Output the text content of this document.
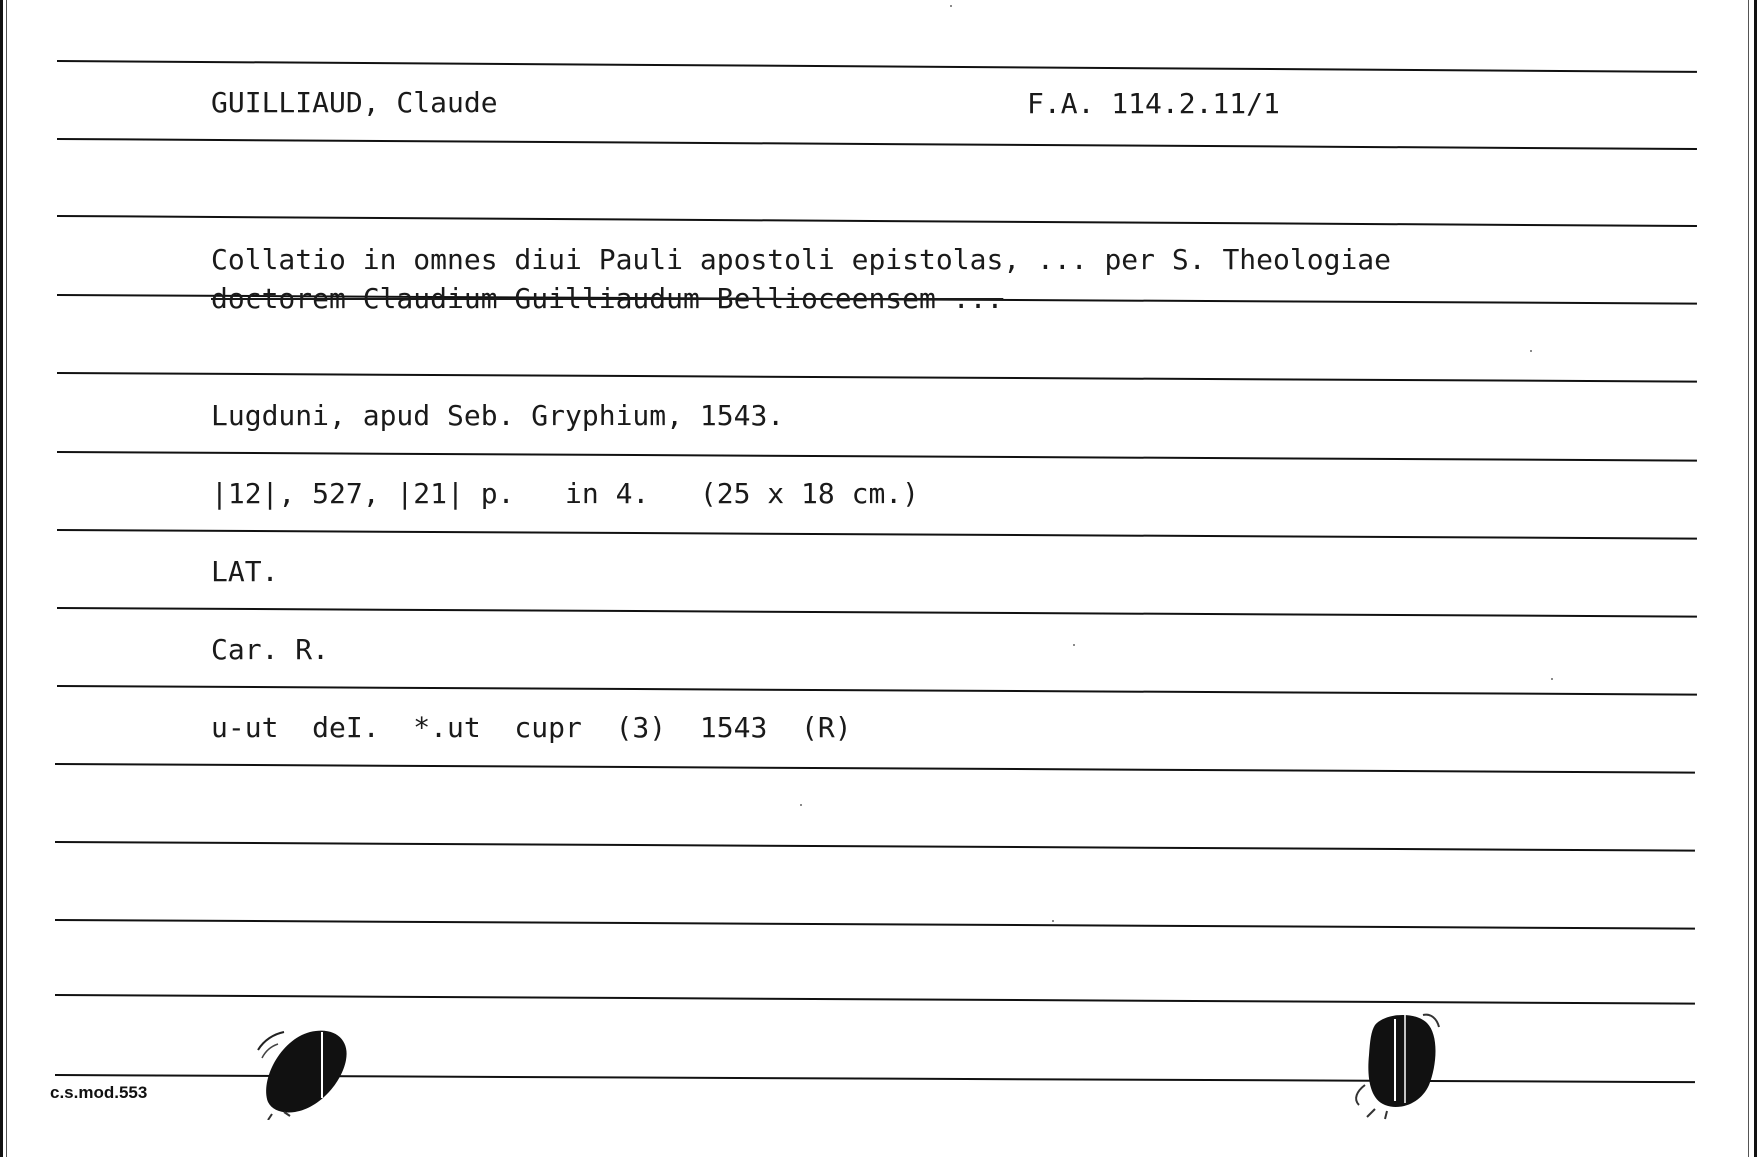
GUILLIAUD, Claude	F.A. 114.2.11/1
Collatio in omnes diui Pauli apostoli epistolas, ... per S. Theologiae
doctorem Claudium Guilliaudum Bellioceensem ...
Lugduni, apud Seb. Gryphium, 1543.
|12|, 527, |21| p.   in 4.   (25 x 18 cm.)
LAT.
Car. R.
u-ut  deI.  *.ut  cupr  (3)  1543  (R)
c.s.mod.553
